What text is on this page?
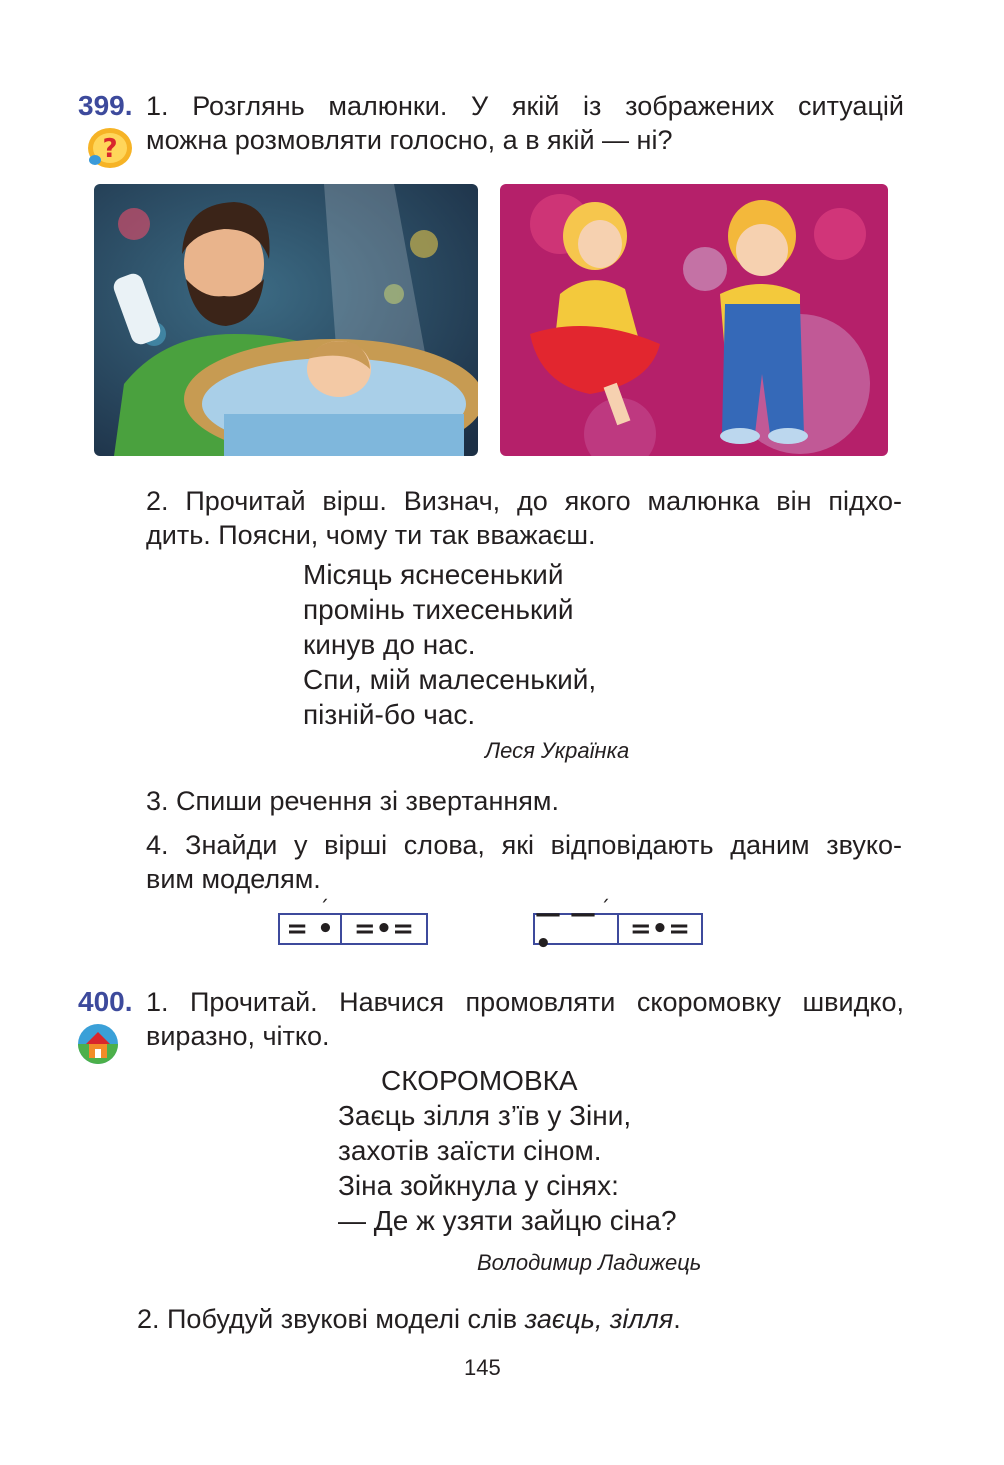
399. 1. Розглянь малюнки. У якій із зображених ситуацій
можна розмовляти голосно, а в якій — ні?
?
2. Прочитай вірш. Визнач, до якого малюнка він підхо-
дить. Поясни, чому ти так вважаєш.
Місяць яснесенький
промінь тихесенький
кинув до нас.
Спи, мій малесенький,
пізній-бо час.
Леся Українка
3. Спиши речення зі звертанням.
4. Знайди у вірші слова, які відповідають даним звуко-
вим моделям.
ˊ
= • =•=
ˊ
— — •	=•=
400. 1. Прочитай. Навчися промовляти скоромовку швидко,
виразно, чітко.
СКОРОМОВКА
Заєць зілля з’їв у Зіни,
захотів заїсти сіном.
Зіна зойкнула у сінях:
— Де ж узяти зайцю сіна?
Володимир Ладижець
2. Побудуй звукові моделі слів заєць, зілля.
145
